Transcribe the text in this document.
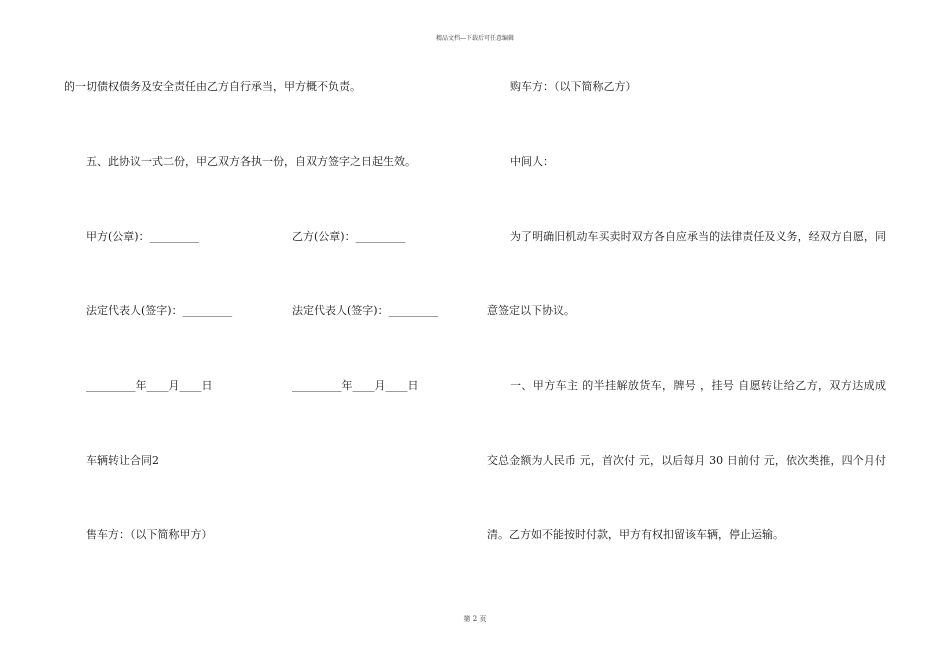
精品文档---下载后可任意编辑
的一切债权债务及安全责任由乙方自行承当，甲方概不负责。
五、此协议一式二份，甲乙双方各执一份，自双方签字之日起生效。
甲方(公章)：_________	乙方(公章)：_________
法定代表人(签字)：_________	法定代表人(签字)：_________
_________年____月____日	_________年____月____日
车辆转让合同2
售车方：（以下简称甲方）
购车方：（以下简称乙方）
中间人：
为了明确旧机动车买卖时双方各自应承当的法律责任及义务，经双方自愿，同
意签定以下协议。
一、甲方车主 的半挂解放货车，牌号 ，挂号 自愿转让给乙方，双方达成成
交总金额为人民币 元，首次付 元，以后每月 30 日前付 元，依次类推，四个月付
清。乙方如不能按时付款，甲方有权扣留该车辆，停止运输。
第 2 页
